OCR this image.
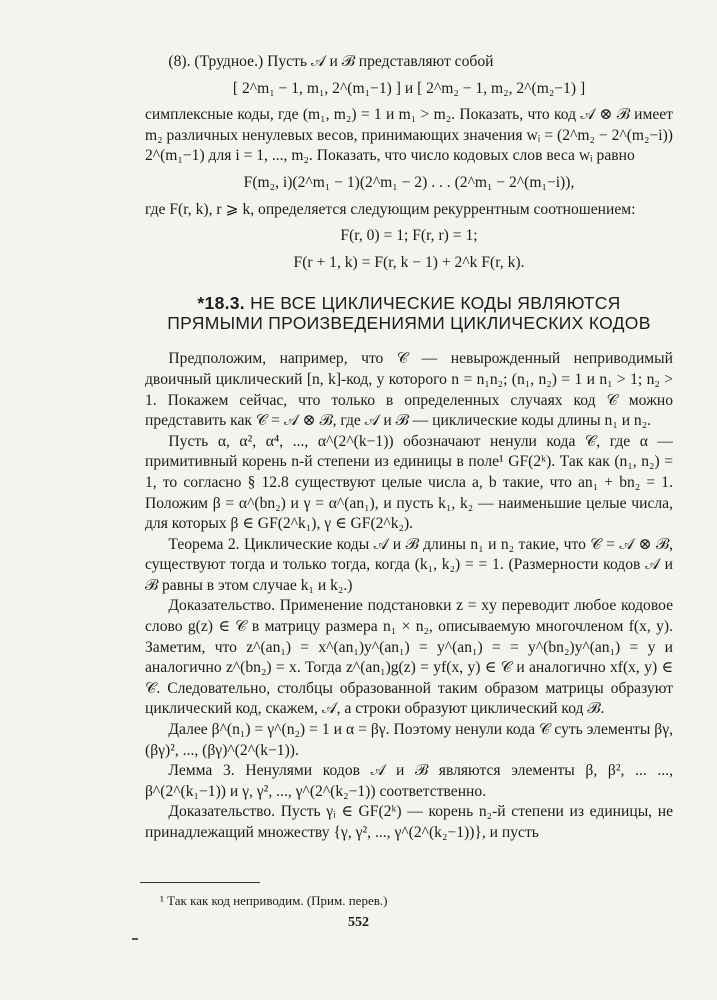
(8). (Трудное.) Пусть 𝒜 и ℬ представляют собой

[ 2^m₁ − 1, m₁, 2^(m₁−1) ] и [ 2^m₂ − 1, m₂, 2^(m₂−1) ]

симплексные коды, где (m₁, m₂) = 1 и m₁ > m₂. Показать, что код 𝒜 ⊗ ℬ имеет m₂ различных ненулевых весов, принимающих значения wᵢ = (2^m₂ − 2^(m₂−i)) 2^(m₁−1) для i = 1, ..., m₂. Показать, что число кодовых слов веса wᵢ равно

F(m₂, i)(2^m₁ − 1)(2^m₁ − 2) . . . (2^m₁ − 2^(m₁−i)),

где F(r, k), r ⩾ k, определяется следующим рекуррентным соотношением:

F(r, 0) = 1; F(r, r) = 1;

F(r + 1, k) = F(r, k − 1) + 2^k F(r, k).

*18.3. НЕ ВСЕ ЦИКЛИЧЕСКИЕ КОДЫ ЯВЛЯЮТСЯ
ПРЯМЫМИ ПРОИЗВЕДЕНИЯМИ ЦИКЛИЧЕСКИХ КОДОВ

Предположим, например, что 𝒞 — невырожденный неприводимый двоичный циклический [n, k]-код, у которого n = n₁n₂; (n₁, n₂) = 1 и n₁ > 1; n₂ > 1. Покажем сейчас, что только в определенных случаях код 𝒞 можно представить как 𝒞 = 𝒜 ⊗ ℬ, где 𝒜 и ℬ — циклические коды длины n₁ и n₂.

Пусть α, α², α⁴, ..., α^(2^(k−1)) обозначают ненули кода 𝒞, где α — примитивный корень n-й степени из единицы в поле¹ GF(2ᵏ). Так как (n₁, n₂) = 1, то согласно § 12.8 существуют целые числа a, b такие, что an₁ + bn₂ = 1. Положим β = α^(bn₂) и γ = α^(an₁), и пусть k₁, k₂ — наименьшие целые числа, для которых β ∈ GF(2^k₁), γ ∈ GF(2^k₂).

Теорема 2. Циклические коды 𝒜 и ℬ длины n₁ и n₂ такие, что 𝒞 = 𝒜 ⊗ ℬ, существуют тогда и только тогда, когда (k₁, k₂) = = 1. (Размерности кодов 𝒜 и ℬ равны в этом случае k₁ и k₂.)

Доказательство. Применение подстановки z = xy переводит любое кодовое слово g(z) ∈ 𝒞 в матрицу размера n₁ × n₂, описываемую многочленом f(x, y). Заметим, что z^(an₁) = x^(an₁)y^(an₁) = y^(an₁) = = y^(bn₂)y^(an₁) = y и аналогично z^(bn₂) = x. Тогда z^(an₁)g(z) = yf(x, y) ∈ 𝒞 и аналогично xf(x, y) ∈ 𝒞. Следовательно, столбцы образованной таким образом матрицы образуют циклический код, скажем, 𝒜, а строки образуют циклический код ℬ.

Далее β^(n₁) = γ^(n₂) = 1 и α = βγ. Поэтому ненули кода 𝒞 суть элементы βγ, (βγ)², ..., (βγ)^(2^(k−1)).

Лемма 3. Ненулями кодов 𝒜 и ℬ являются элементы β, β², ... ..., β^(2^(k₁−1)) и γ, γ², ..., γ^(2^(k₂−1)) соответственно.

Доказательство. Пусть γᵢ ∈ GF(2ᵏ) — корень n₂-й степени из единицы, не принадлежащий множеству {γ, γ², ..., γ^(2^(k₂−1))}, и пусть

¹ Так как код неприводим. (Прим. перев.)
552
